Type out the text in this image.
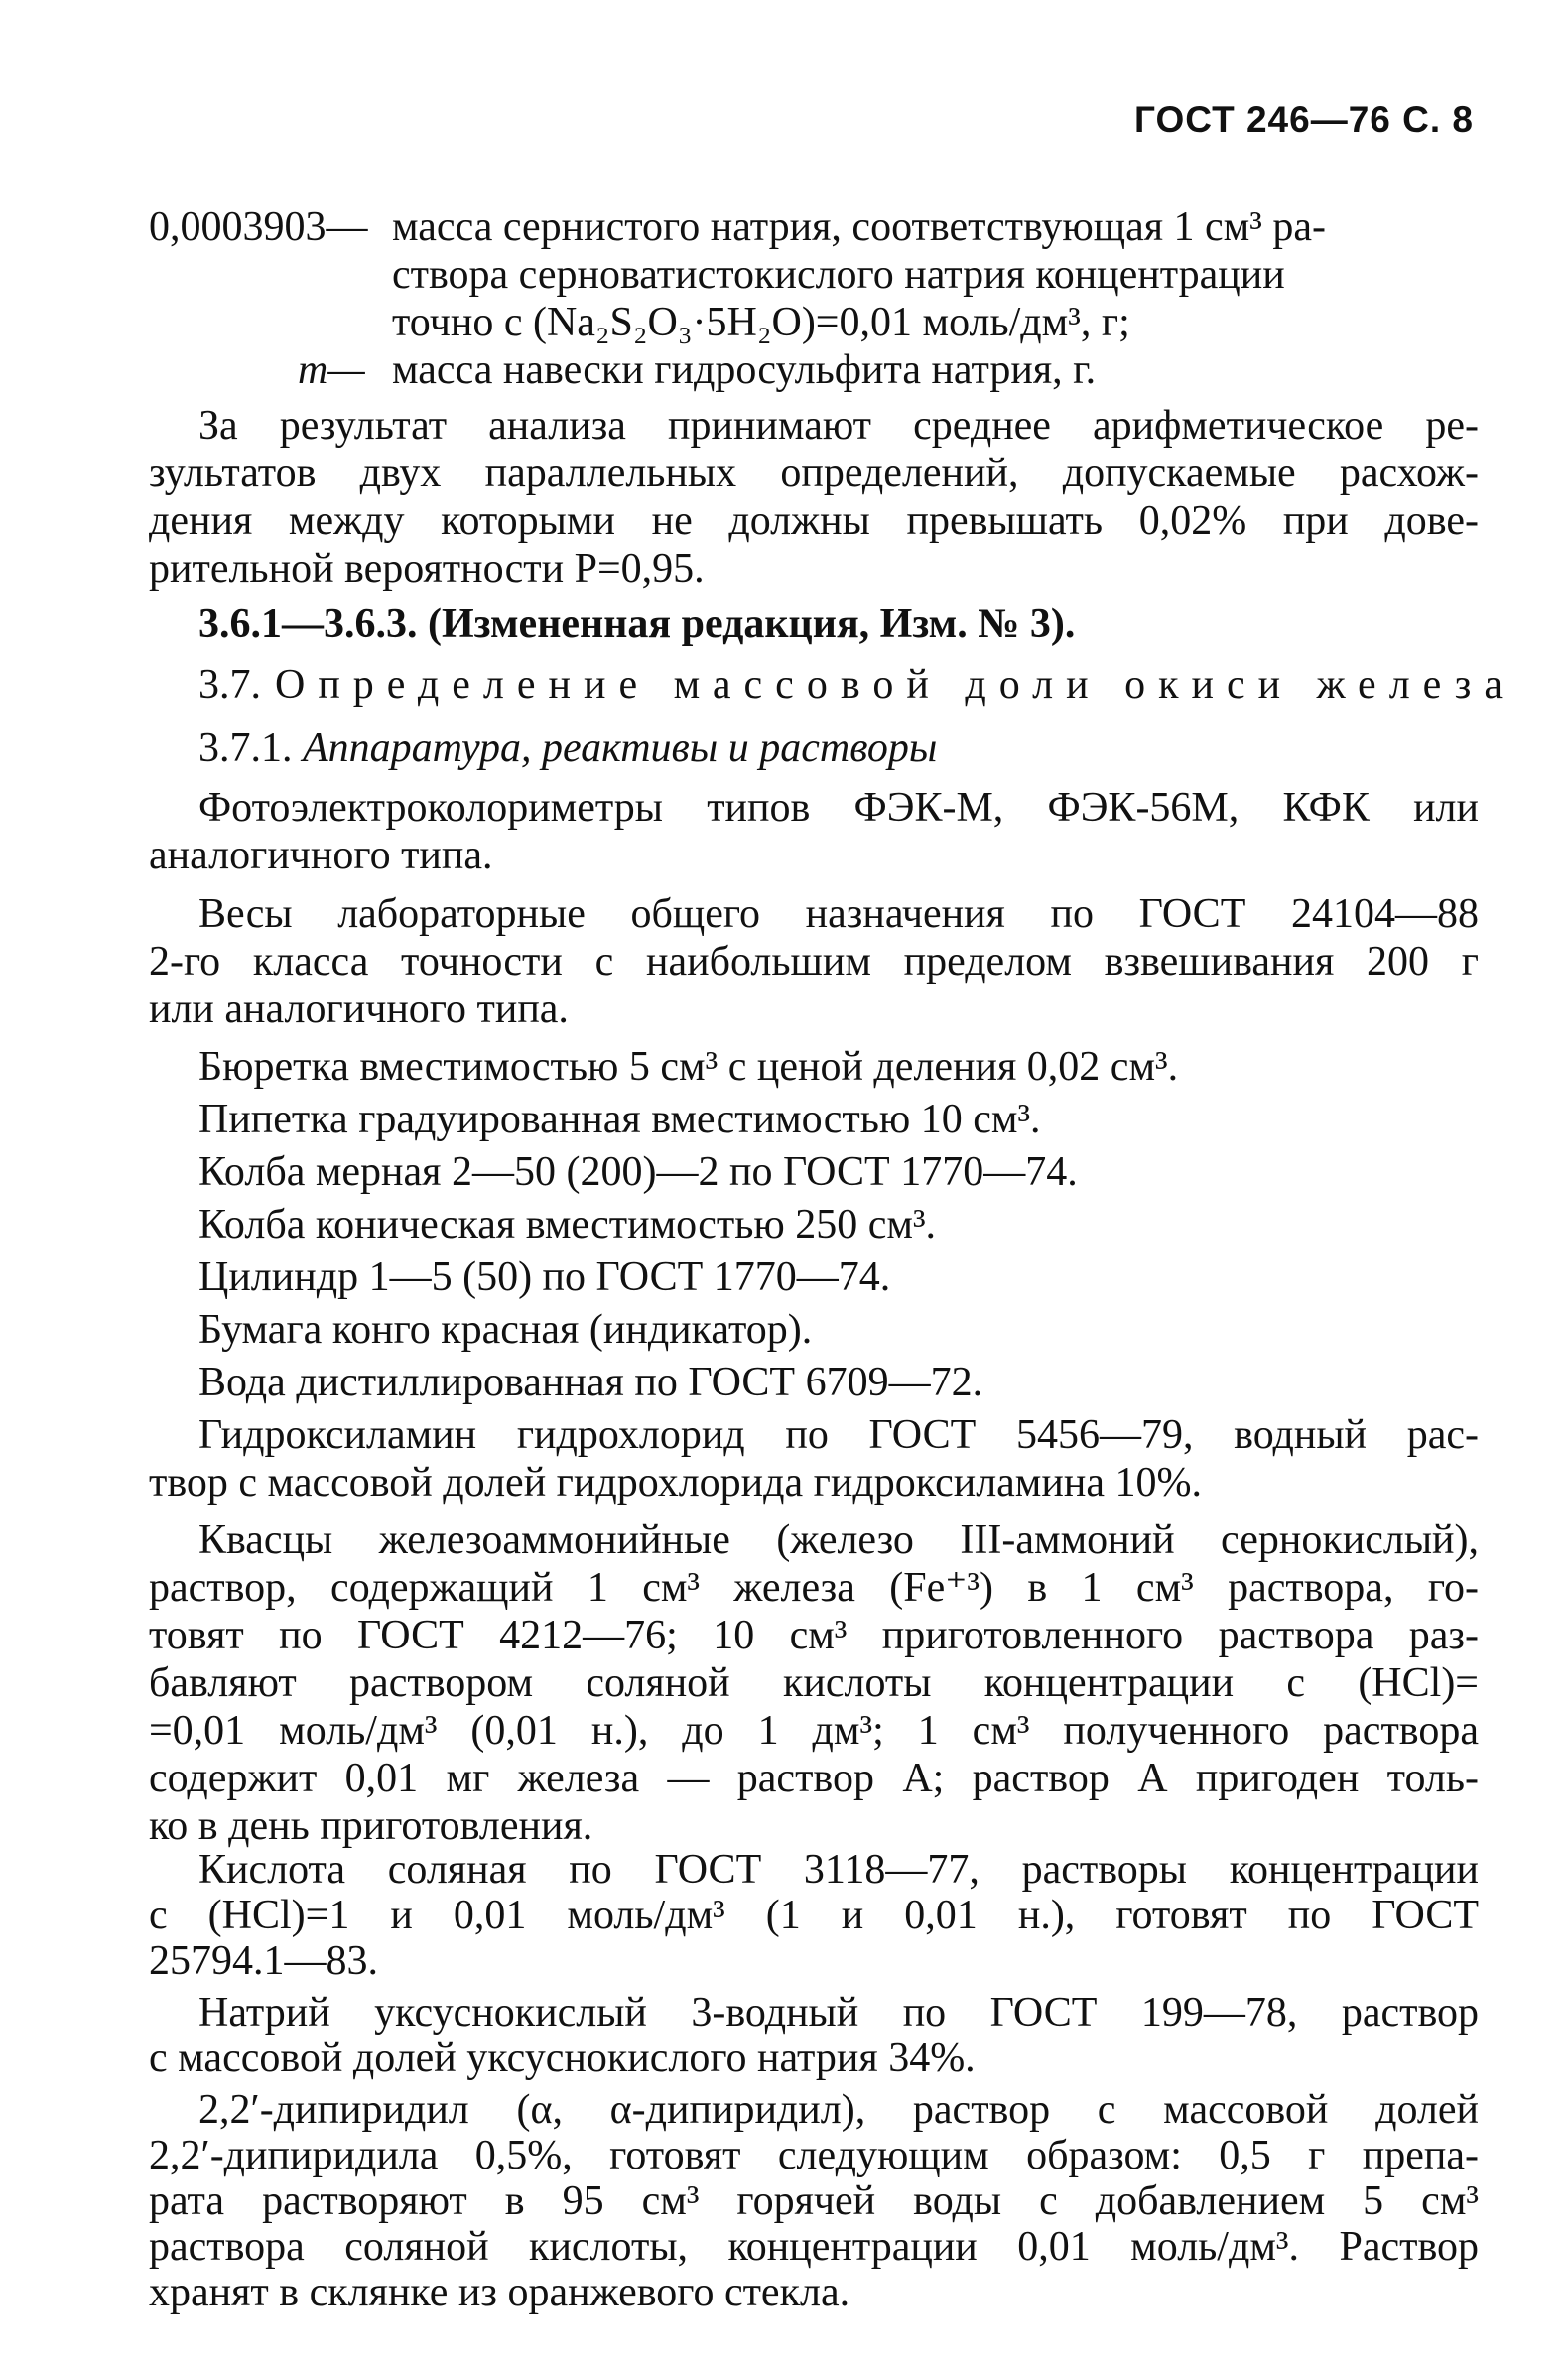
ГОСТ 246—76 С. 8
0,0003903— масса сернистого натрия, соответствующая 1 см³ ра-
створа серноватистокислого натрия концентрации
точно с (Na₂S₂O₃·5H₂O)=0,01 моль/дм³, г;
m— масса навески гидросульфита натрия, г.
За результат анализа принимают среднее арифметическое ре-
зультатов двух параллельных определений, допускаемые расхож-
дения между которыми не должны превышать 0,02% при дове-
рительной вероятности Р=0,95.
3.6.1—3.6.3. (Измененная редакция, Изм. № 3).
3.7. Определение массовой доли окиси железа
3.7.1. Аппаратура, реактивы и растворы
Фотоэлектроколориметры типов ФЭК-М, ФЭК-56М, КФК или
аналогичного типа.
Весы лабораторные общего назначения по ГОСТ 24104—88
2-го класса точности с наибольшим пределом взвешивания 200 г
или аналогичного типа.
Бюретка вместимостью 5 см³ с ценой деления 0,02 см³.
Пипетка градуированная вместимостью 10 см³.
Колба мерная 2—50 (200)—2 по ГОСТ 1770—74.
Колба коническая вместимостью 250 см³.
Цилиндр 1—5 (50) по ГОСТ 1770—74.
Бумага конго красная (индикатор).
Вода дистиллированная по ГОСТ 6709—72.
Гидроксиламин гидрохлорид по ГОСТ 5456—79, водный рас-
твор с массовой долей гидрохлорида гидроксиламина 10%.
Квасцы железоаммонийные (железо III-аммоний сернокислый),
раствор, содержащий 1 см³ железа (Fe⁺³) в 1 см³ раствора, го-
товят по ГОСТ 4212—76; 10 см³ приготовленного раствора раз-
бавляют раствором соляной кислоты концентрации с (HCl)=
=0,01 моль/дм³ (0,01 н.), до 1 дм³; 1 см³ полученного раствора
содержит 0,01 мг железа — раствор А; раствор А пригоден толь-
ко в день приготовления.
Кислота соляная по ГОСТ 3118—77, растворы концентрации
с (HCl)=1 и 0,01 моль/дм³ (1 и 0,01 н.), готовят по ГОСТ
25794.1—83.
Натрий уксуснокислый 3-водный по ГОСТ 199—78, раствор
с массовой долей уксуснокислого натрия 34%.
2,2′-дипиридил (α, α-дипиридил), раствор с массовой долей
2,2′-дипиридила 0,5%, готовят следующим образом: 0,5 г препа-
рата растворяют в 95 см³ горячей воды с добавлением 5 см³
раствора соляной кислоты, концентрации 0,01 моль/дм³. Раствор
хранят в склянке из оранжевого стекла.
